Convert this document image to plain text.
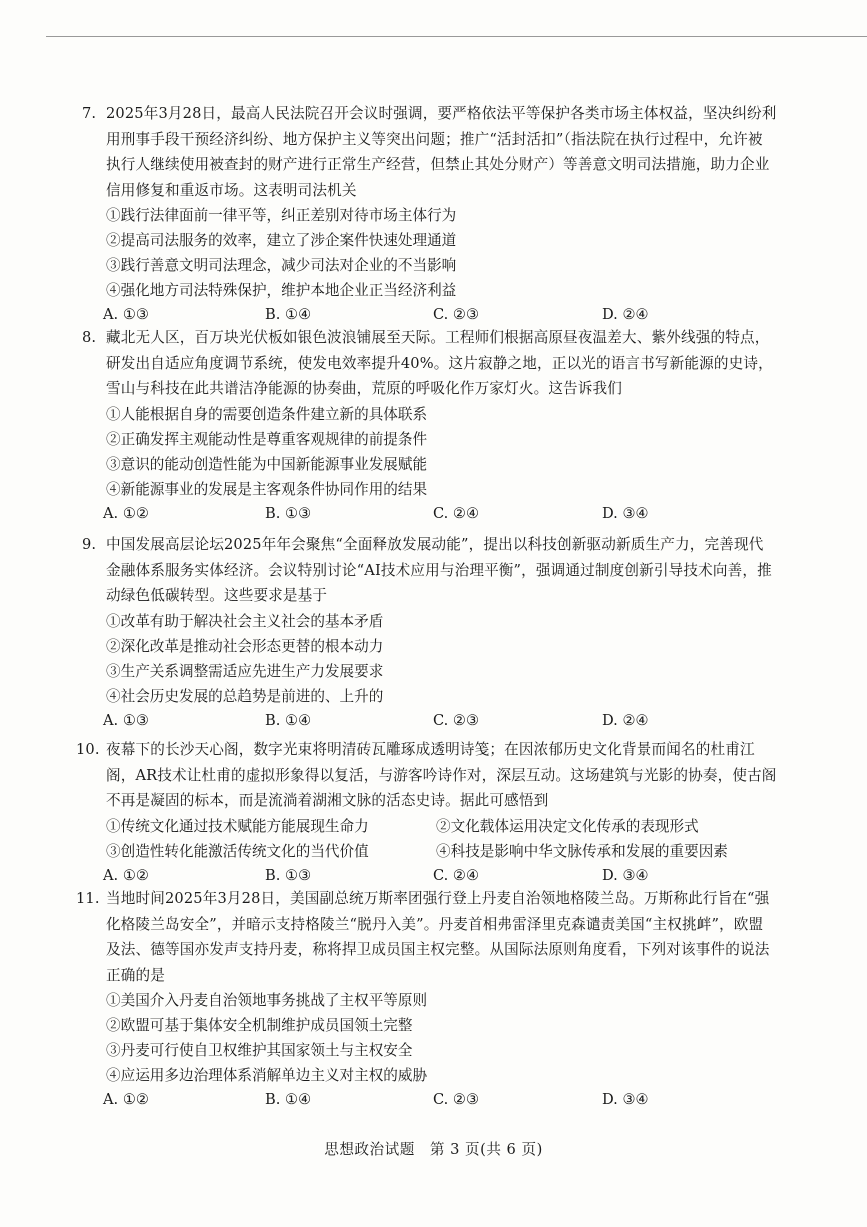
7. 2025年3月28日，最高人民法院召开会议时强调，要严格依法平等保护各类市场主体权益，坚决纠纷利用刑事手段干预经济纠纷、地方保护主义等突出问题；推广“活封活扣”（指法院在执行过程中，允许被执行人继续使用被查封的财产进行正常生产经营，但禁止其处分财产）等善意文明司法措施，助力企业信用修复和重返市场。这表明司法机关
①践行法律面前一律平等，纠正差别对待市场主体行为
②提高司法服务的效率，建立了涉企案件快速处理通道
③践行善意文明司法理念，减少司法对企业的不当影响
④强化地方司法特殊保护，维护本地企业正当经济利益
A. ①③	B. ①④	C. ②③	D. ②④
8. 藏北无人区，百万块光伏板如银色波浪铺展至天际。工程师们根据高原昼夜温差大、紫外线强的特点，研发出自适应角度调节系统，使发电效率提升40%。这片寂静之地，正以光的语言书写新能源的史诗，雪山与科技在此共谱洁净能源的协奏曲，荒原的呼吸化作万家灯火。这告诉我们
①人能根据自身的需要创造条件建立新的具体联系
②正确发挥主观能动性是尊重客观规律的前提条件
③意识的能动创造性能为中国新能源事业发展赋能
④新能源事业的发展是主客观条件协同作用的结果
A. ①②	B. ①③	C. ②④	D. ③④
9. 中国发展高层论坛2025年年会聚焦“全面释放发展动能”，提出以科技创新驱动新质生产力，完善现代金融体系服务实体经济。会议特别讨论“AI技术应用与治理平衡”，强调通过制度创新引导技术向善，推动绿色低碳转型。这些要求是基于
①改革有助于解决社会主义社会的基本矛盾
②深化改革是推动社会形态更替的根本动力
③生产关系调整需适应先进生产力发展要求
④社会历史发展的总趋势是前进的、上升的
A. ①③	B. ①④	C. ②③	D. ②④
10. 夜幕下的长沙天心阁，数字光束将明清砖瓦雕琢成透明诗笺；在因浓郁历史文化背景而闻名的杜甫江阁，AR技术让杜甫的虚拟形象得以复活，与游客吟诗作对，深层互动。这场建筑与光影的协奏，使古阁不再是凝固的标本，而是流淌着湖湘文脉的活态史诗。据此可感悟到
①传统文化通过技术赋能方能展现生命力	②文化载体运用决定文化传承的表现形式
③创造性转化能激活传统文化的当代价值	④科技是影响中华文脉传承和发展的重要因素
A. ①②	B. ①③	C. ②④	D. ③④
11. 当地时间2025年3月28日，美国副总统万斯率团强行登上丹麦自治领地格陵兰岛。万斯称此行旨在“强化格陵兰岛安全”，并暗示支持格陵兰“脱丹入美”。丹麦首相弗雷泽里克森谴责美国“主权挑衅”，欧盟及法、德等国亦发声支持丹麦，称将捍卫成员国主权完整。从国际法原则角度看，下列对该事件的说法正确的是
①美国介入丹麦自治领地事务挑战了主权平等原则
②欧盟可基于集体安全机制维护成员国领土完整
③丹麦可行使自卫权维护其国家领土与主权安全
④应运用多边治理体系消解单边主义对主权的威胁
A. ①②	B. ①④	C. ②③	D. ③④
思想政治试题　第 3 页(共 6 页)
